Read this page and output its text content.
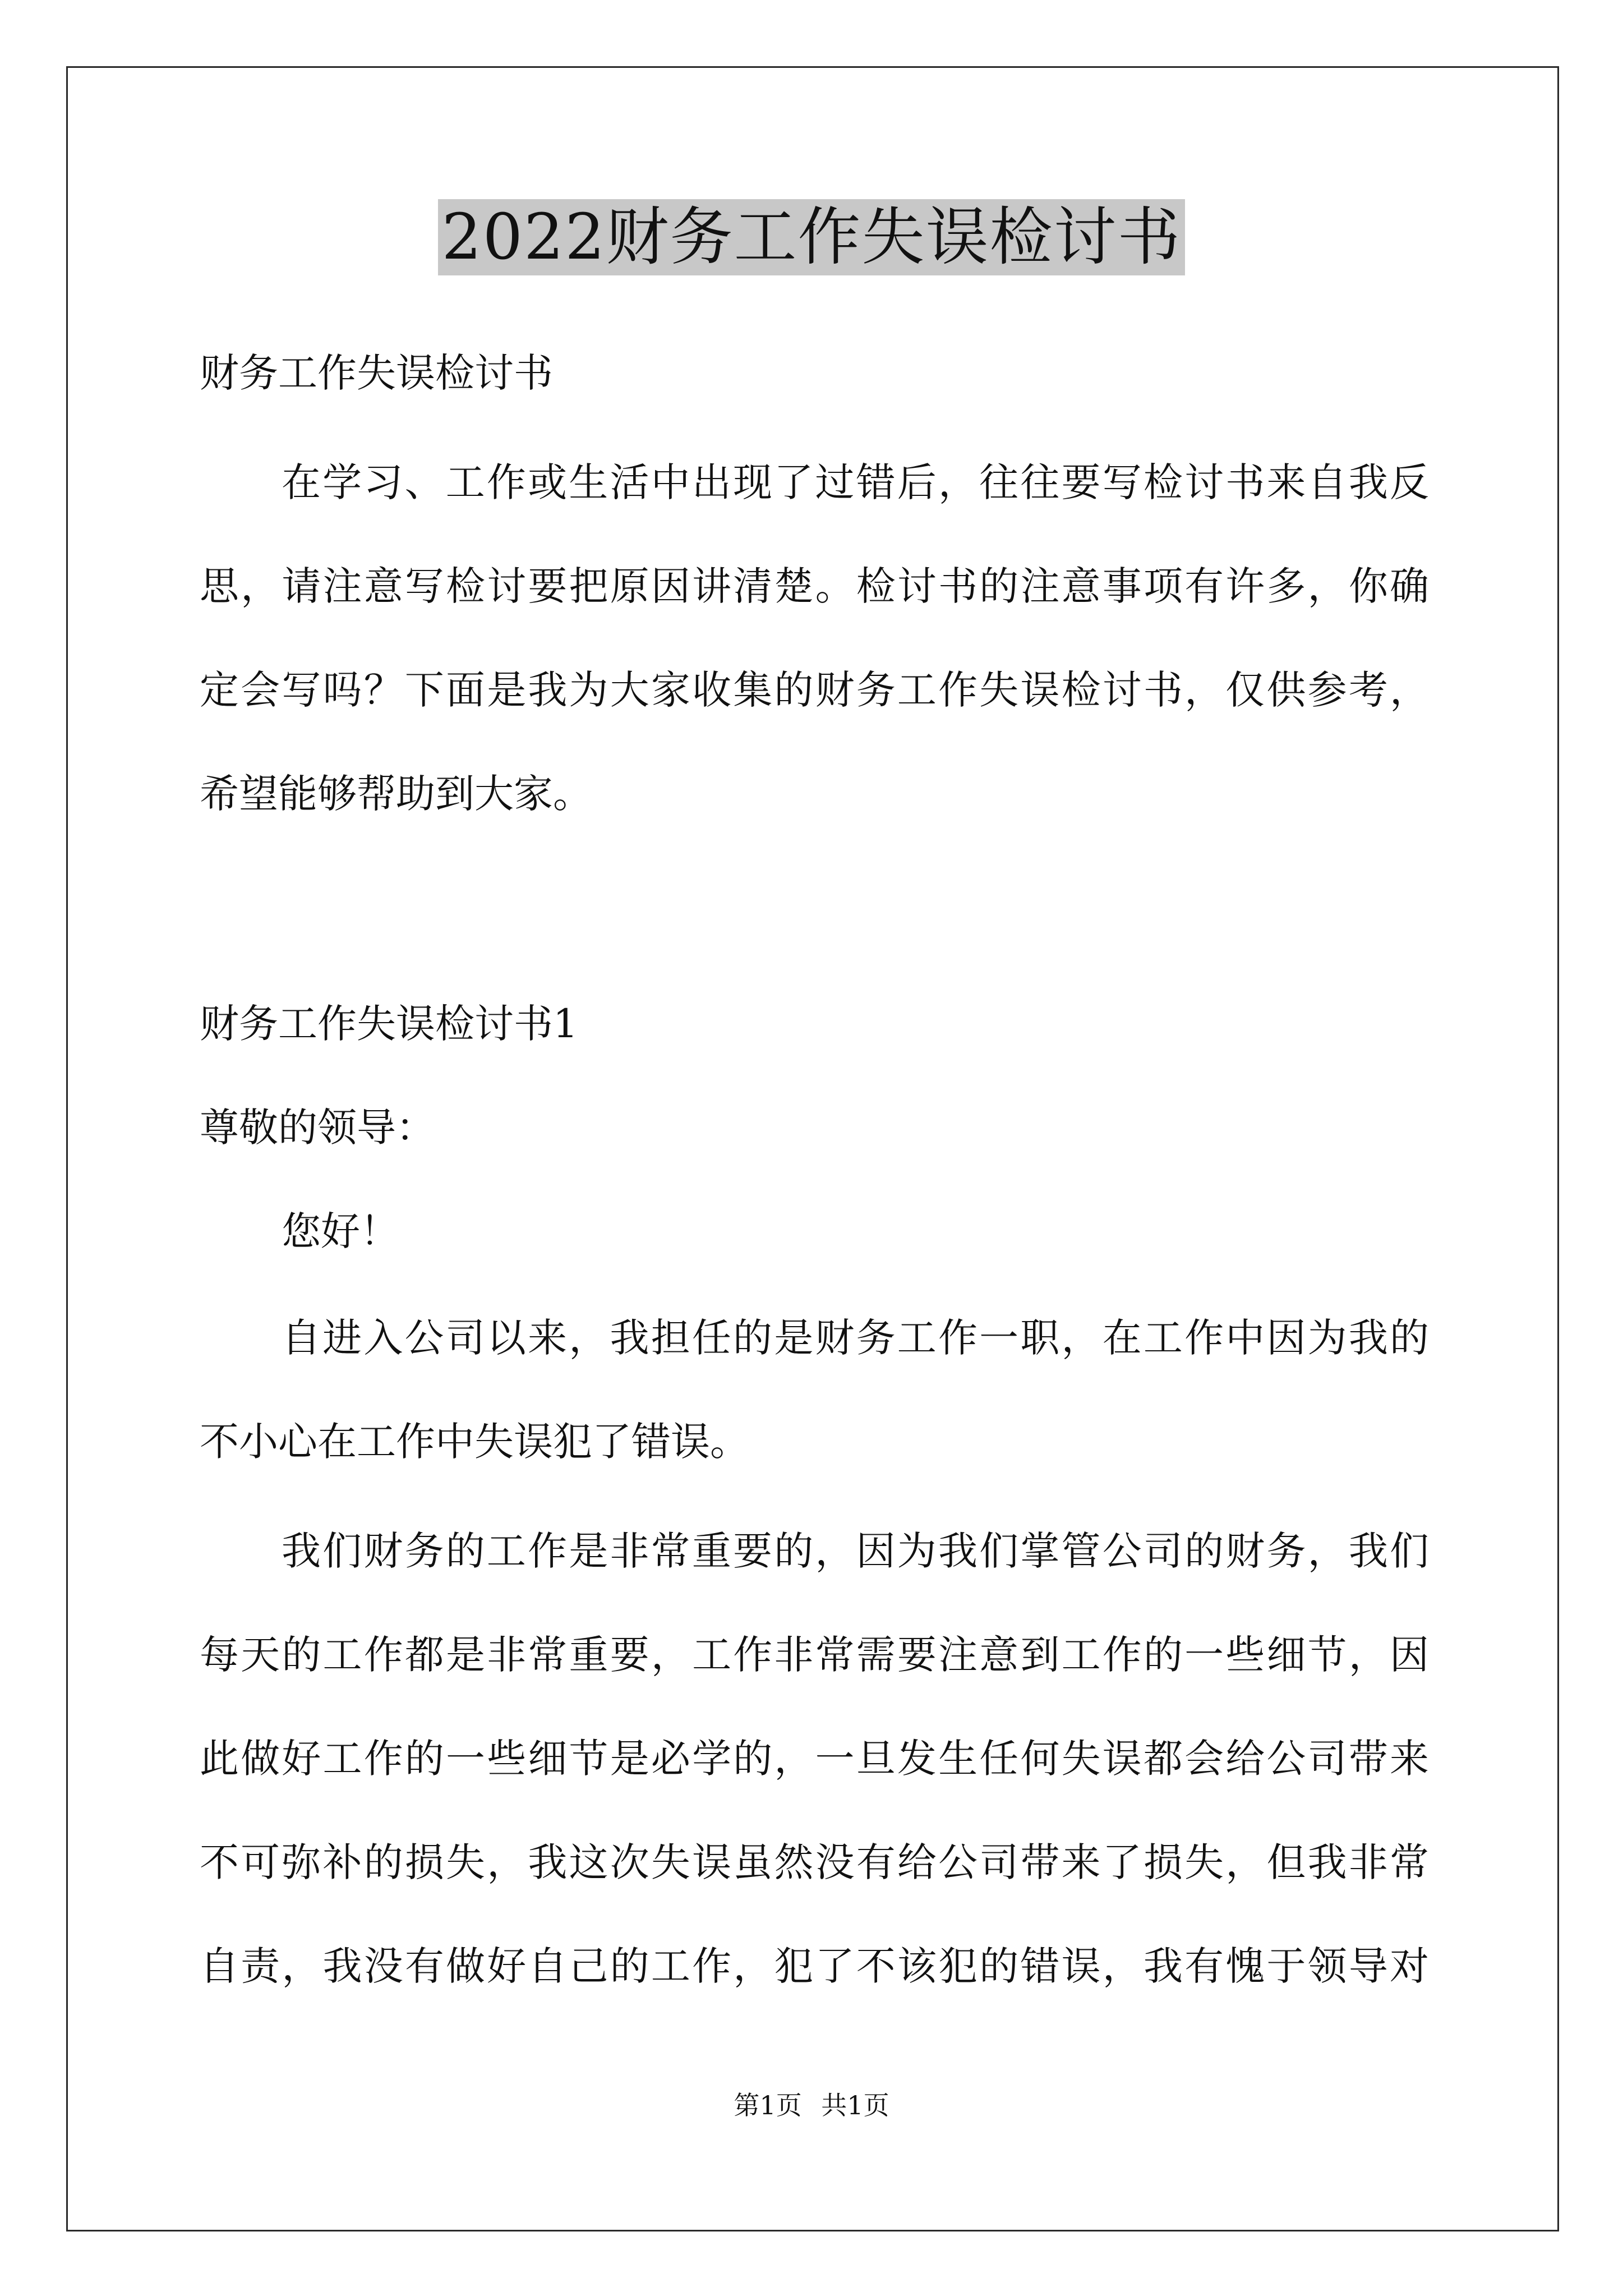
2022财务工作失误检讨书
财务工作失误检讨书
在学习、工作或生活中出现了过错后，往往要写检讨书来自我反
思，请注意写检讨要把原因讲清楚。检讨书的注意事项有许多，你确
定会写吗？下面是我为大家收集的财务工作失误检讨书，仅供参考，
希望能够帮助到大家。
财务工作失误检讨书1
尊敬的领导：
您好！
自进入公司以来，我担任的是财务工作一职，在工作中因为我的
不小心在工作中失误犯了错误。
我们财务的工作是非常重要的，因为我们掌管公司的财务，我们
每天的工作都是非常重要，工作非常需要注意到工作的一些细节，因
此做好工作的一些细节是必学的，一旦发生任何失误都会给公司带来
不可弥补的损失，我这次失误虽然没有给公司带来了损失，但我非常
自责，我没有做好自己的工作，犯了不该犯的错误，我有愧于领导对
第1页 共1页
